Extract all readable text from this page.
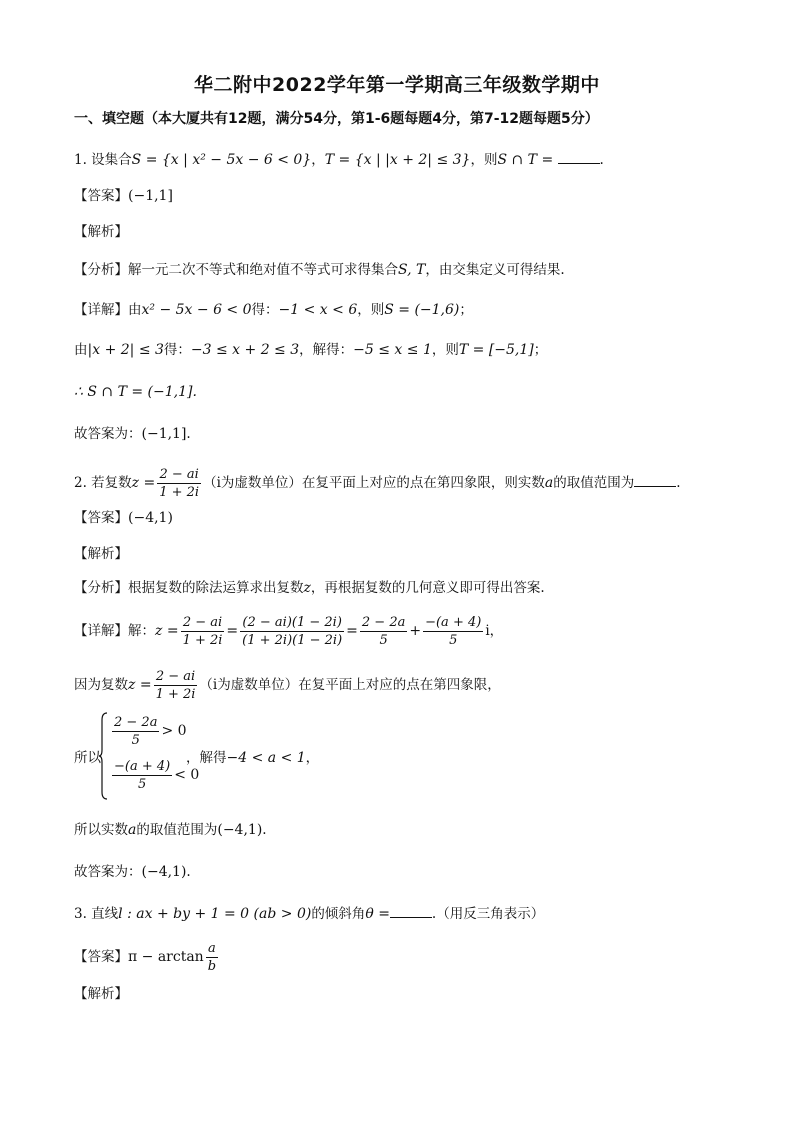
华二附中2022学年第一学期高三年级数学期中
一、填空题（本大厦共有12题，满分54分，第1-6题每题4分，第7-12题每题5分）
1. 设集合S = {x | x² − 5x − 6 < 0}，T = {x | |x + 2| ≤ 3}，则S ∩ T =	.
【答案】(−1,1]
【解析】
【分析】解一元二次不等式和绝对值不等式可求得集合S, T，由交集定义可得结果.
【详解】由x² − 5x − 6 < 0得：−1 < x < 6，则S = (−1,6)；
由|x + 2| ≤ 3得：−3 ≤ x + 2 ≤ 3，解得：−5 ≤ x ≤ 1，则T = [−5,1]；
∴ S ∩ T = (−1,1].
故答案为：(−1,1].
2. 若复数$z = \frac{2 - ai}{1 + 2i} (i$为虚数单位）在复平面上对应的点在第四象限，则实数a的取值范围为	.
【答案】(−4,1)
【解析】
【分析】根据复数的除法运算求出复数z，再根据复数的几何意义即可得出答案.
【详解】解：$z = \frac{2 - ai}{1 + 2i} = \frac{(2 - ai)(1 - 2i)}{(1 + 2i)(1 - 2i)} = \frac{2 - 2a}{5} + \frac{-(a + 4)}{5}$ i，
因为复数$z = \frac{2 - ai}{1 + 2i} (i$为虚数单位）在复平面上对应的点在第四象限，
所以
$\frac{2 - 2a}{5} > 0$
$\frac{-(a + 4)}{5} < 0$
，解得−4 < a < 1，
所以实数a的取值范围为(−4,1).
故答案为：(−4,1).
3. 直线l : ax + by + 1 = 0 (ab > 0)的倾斜角θ =	.（用反三角表示）
【答案】$\pi - \arctan \frac{a}{b}$
【解析】
